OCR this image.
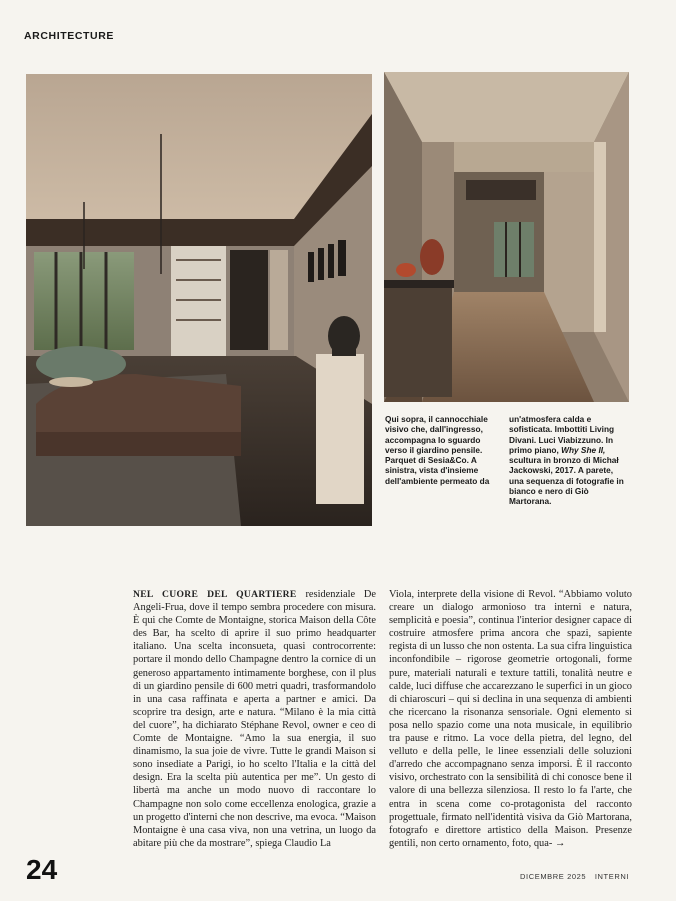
ARCHITECTURE
Qui sopra, il cannocchiale visivo che, dall'ingresso, accompagna lo sguardo verso il giardino pensile. Parquet di Sesia&Co. A sinistra, vista d'insieme dell'ambiente permeato da
un'atmosfera calda e sofisticata. Imbottiti Living Divani. Luci Viabizzuno. In primo piano, Why She II, scultura in bronzo di Michał Jackowski, 2017. A parete, una sequenza di fotografie in bianco e nero di Giò Martorana.
NEL CUORE DEL QUARTIERE residenziale De Angeli-Frua, dove il tempo sembra procedere con misura. È qui che Comte de Montaigne, storica Maison della Côte des Bar, ha scelto di aprire il suo primo headquarter italiano. Una scelta inconsueta, quasi controcorrente: portare il mondo dello Champagne dentro la cornice di un generoso appartamento intimamente borghese, con il plus di un giardino pensile di 600 metri quadri, trasformandolo in una casa raffinata e aperta a partner e amici. Da scoprire tra design, arte e natura. “Milano è la mia città del cuore”, ha dichiarato Stéphane Revol, owner e ceo di Comte de Montaigne. “Amo la sua energia, il suo dinamismo, la sua joie de vivre. Tutte le grandi Maison si sono insediate a Parigi, io ho scelto l'Italia e la città del design. Era la scelta più autentica per me”. Un gesto di libertà ma anche un modo nuovo di raccontare lo Champagne non solo come eccellenza enologica, grazie a un progetto d'interni che non descrive, ma evoca. “Maison Montaigne è una casa viva, non una vetrina, un luogo da abitare più che da mostrare”, spiega Claudio La
Viola, interprete della visione di Revol. “Abbiamo voluto creare un dialogo armonioso tra interni e natura, semplicità e poesia”, continua l'interior designer capace di costruire atmosfere prima ancora che spazi, sapiente regista di un lusso che non ostenta. La sua cifra linguistica inconfondibile – rigorose geometrie ortogonali, forme pure, materiali naturali e texture tattili, tonalità neutre e calde, luci diffuse che accarezzano le superfici in un gioco di chiaroscuri – qui si declina in una sequenza di ambienti che ricercano la risonanza sensoriale. Ogni elemento si posa nello spazio come una nota musicale, in equilibrio tra pause e ritmo. La voce della pietra, del legno, del velluto e della pelle, le linee essenziali delle soluzioni d'arredo che accompagnano senza imporsi. È il racconto visivo, orchestrato con la sensibilità di chi conosce bene il valore di una bellezza silenziosa. Il resto lo fa l'arte, che entra in scena come co-protagonista del racconto progettuale, firmato nell'identità visiva da Giò Martorana, fotografo e direttore artistico della Maison. Presenze gentili, non certo ornamento, foto, qua- →
24	DICEMBRE 2025 INTERNI
